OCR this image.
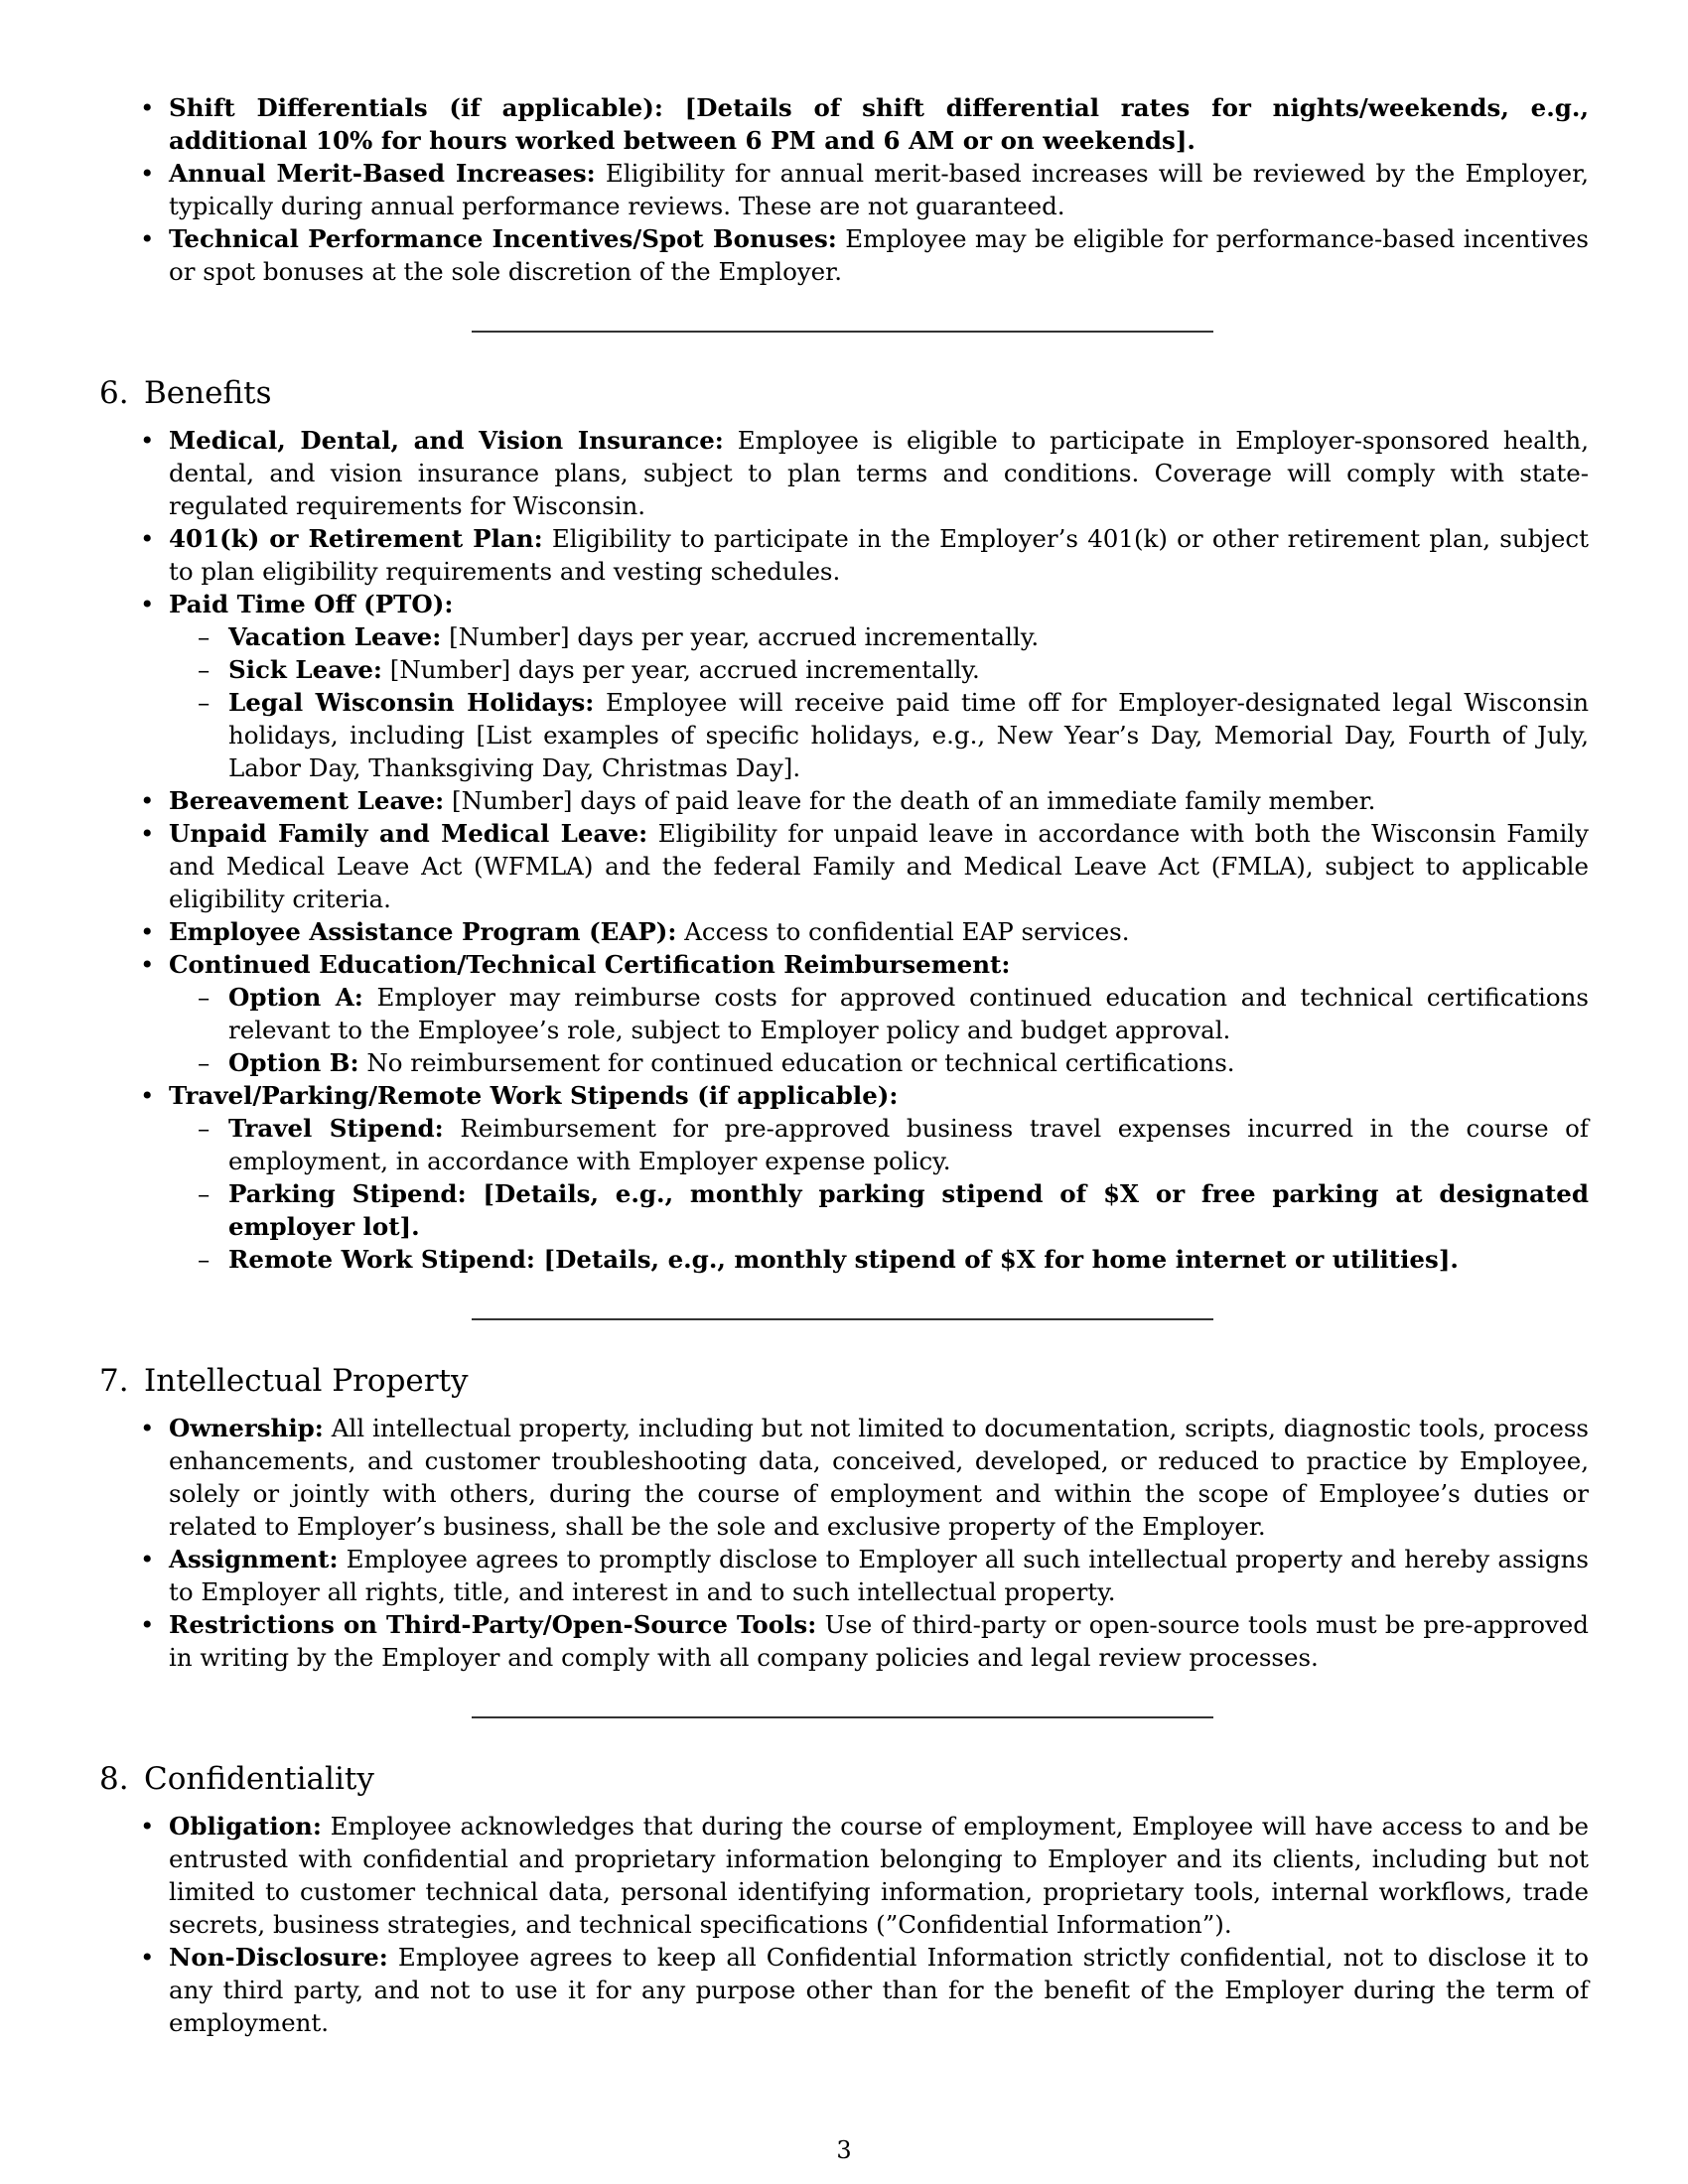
• Shift Differentials (if applicable): [Details of shift differential rates for nights/weekends, e.g., additional 10% for hours worked between 6 PM and 6 AM or on weekends].
• Annual Merit-Based Increases: Eligibility for annual merit-based increases will be reviewed by the Employer, typically during annual performance reviews. These are not guaranteed.
• Technical Performance Incentives/Spot Bonuses: Employee may be eligible for performance-based incentives or spot bonuses at the sole discretion of the Employer.
6. Benefits
• Medical, Dental, and Vision Insurance: Employee is eligible to participate in Employer-sponsored health, dental, and vision insurance plans, subject to plan terms and conditions. Coverage will comply with state-regulated requirements for Wisconsin.
• 401(k) or Retirement Plan: Eligibility to participate in the Employer’s 401(k) or other retirement plan, subject to plan eligibility requirements and vesting schedules.
• Paid Time Off (PTO):
– Vacation Leave: [Number] days per year, accrued incrementally.
– Sick Leave: [Number] days per year, accrued incrementally.
– Legal Wisconsin Holidays: Employee will receive paid time off for Employer-designated legal Wisconsin holidays, including [List examples of specific holidays, e.g., New Year’s Day, Memorial Day, Fourth of July, Labor Day, Thanksgiving Day, Christmas Day].
• Bereavement Leave: [Number] days of paid leave for the death of an immediate family member.
• Unpaid Family and Medical Leave: Eligibility for unpaid leave in accordance with both the Wisconsin Family and Medical Leave Act (WFMLA) and the federal Family and Medical Leave Act (FMLA), subject to applicable eligibility criteria.
• Employee Assistance Program (EAP): Access to confidential EAP services.
• Continued Education/Technical Certification Reimbursement:
– Option A: Employer may reimburse costs for approved continued education and technical certifications relevant to the Employee’s role, subject to Employer policy and budget approval.
– Option B: No reimbursement for continued education or technical certifications.
• Travel/Parking/Remote Work Stipends (if applicable):
– Travel Stipend: Reimbursement for pre-approved business travel expenses incurred in the course of employment, in accordance with Employer expense policy.
– Parking Stipend: [Details, e.g., monthly parking stipend of $X or free parking at designated employer lot].
– Remote Work Stipend: [Details, e.g., monthly stipend of $X for home internet or utilities].
7. Intellectual Property
• Ownership: All intellectual property, including but not limited to documentation, scripts, diagnostic tools, process enhancements, and customer troubleshooting data, conceived, developed, or reduced to practice by Employee, solely or jointly with others, during the course of employment and within the scope of Employee’s duties or related to Employer’s business, shall be the sole and exclusive property of the Employer.
• Assignment: Employee agrees to promptly disclose to Employer all such intellectual property and hereby assigns to Employer all rights, title, and interest in and to such intellectual property.
• Restrictions on Third-Party/Open-Source Tools: Use of third-party or open-source tools must be pre-approved in writing by the Employer and comply with all company policies and legal review processes.
8. Confidentiality
• Obligation: Employee acknowledges that during the course of employment, Employee will have access to and be entrusted with confidential and proprietary information belonging to Employer and its clients, including but not limited to customer technical data, personal identifying information, proprietary tools, internal workflows, trade secrets, business strategies, and technical specifications (”Confidential Information”).
• Non-Disclosure: Employee agrees to keep all Confidential Information strictly confidential, not to disclose it to any third party, and not to use it for any purpose other than for the benefit of the Employer during the term of employment.
3
